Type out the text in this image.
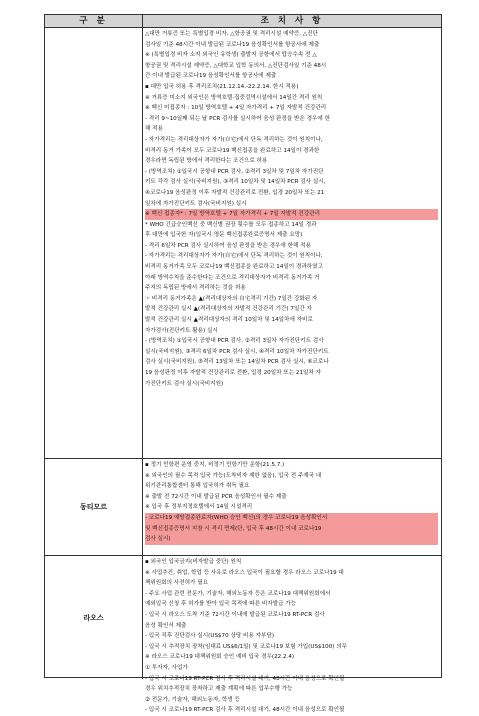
구 분	조 치 사 항
△대만 거류증 또는 특별입경 비자, △항공권 및 격리시설 예약증, △진단
검사일 기준 48시간 이내 발급된 코로나19 음성확인서를 항공사에 제출
※ (특별입경 비자 소지 외국인 유학생) 출발지 공항에서 탑승수속 전 △
항공권 및 격리시설 예약증, △대학교 입학 동의서, △진단검사일 기준 48시
간 이내 발급된 코로나19 음성확인서를 항공사에 제출
▪ 대만 입국 허용 후 격리조치(21.12.14.-22.2.14. 한시 적용)
※ 거류증 미소지 외국인은 방역호텔·집중검역시설에서 14일간 격리 원칙
※ 백신 미접종자 : 10일 방역호텔 + 4일 자가격리 + 7일 자발적 건강관리
- 격리 9~10일째 되는 날 PCR 검사를 실시하여 음성 판정을 받은 경우에 한
해 적용
- 자가격리는 격리대상자가 자가(自宅)에서 단독 격리하는 것이 원칙이나,
비격리 동거 가족이 모두 코로나19 백신접종을 완료하고 14일이 경과한
경우라면 독립된 방에서 격리한다는 조건으로 허용
- (방역조치) ①입국시 공항내 PCR 검사, ②격리 3일차 및 7일차 자가진단
키트 각각 검사 실시(국비지원), ③격리 10일차 및 14일차 PCR 검사 실시,
④코로나19 음성판정 이후 자발적 건강관리로 전환, 입경 20일차 또는 21
일차에 자가진단키트 검사(국비지원) 실시
※ 백신 접종자* : 7일 방역호텔 + 7일 자가격리 + 7일 자발적 건강관리
* WHO 긴급승인백신 중 백신별 권장 횟수를 모두 접종하고 14일 경과
후 대만에 입국한 자(입국시 영문 백신접종완료증명서 제출 요망)
- 격리 6일차 PCR 검사 실시하여 음성 판정을 받은 경우에 한해 적용
- 자가격리는 격리대상자가 자가(自宅)에서 단독 격리하는 것이 원칙이나,
비격리 동거가족 모두 코로나19 백신접종을 완료하고 14일이 경과하였고
아래 방역수칙을 준수한다는 조건으로 격리대상자가 비격리 동거가족 거
주지의 독립된 방에서 격리하는 것을 허용
☞ 비격리 동거가족은 ▲(격리대상자의 自宅격리 기간) 7일간 강화된 자
발적 건강관리 실시 ▲(격리대상자의 자발적 건강관리 기간) 7일간 자
발적 건강관리 실시 ▲격리대상자의 격리 10일차 및 14일차에 자비로
자가검사(진단키트 활용) 실시
- (방역조치) ①입국시 공항내 PCR 검사, ②격리 3일차 자가진단키트 검사
실시(국비지원), ③격리 6일차 PCR 검사 실시, ④격리 10일차 자가진단키트
검사 실시(국비지원), ⑤격리 13일차 또는 14일차 PCR 검사 실시, ⑥코로나
19 음성판정 이후 자발적 건강관리로 전환, 입경 20일차 또는 21일차 자
가진단키트 검사 실시(국비지원)
동티모르
▪ 정기 민항편 운영 중지, 비정기 민항기만 운항(21.5.7.)
※ 외국인의 필수 목적 입국 가능(도착비자 제한 없음), 입국 전 주재국 내
위기관리통합센터 통해 입국허가 취득 필요
※ 출발 전 72시간 이내 발급된 PCR 음성확인서 필수 제출
※ 입국 후 정부지정호텔에서 14일 시설격리
- 코로나19 예방접종완료자(WHO 승인 백신)의 경우 코로나19 음성확인서
및 백신접종증명서 지참 시 격리 면제(단, 입국 후 48시간 이내 코로나19
검사 실시)
라오스
▪ 외국인 입국금지(비자발급 중단) 원칙
※ 사업추진, 취업, 학업 등 사유로 라오스 입국이 필요할 경우 라오스 코로나19 대
책위원회의 사전허가 필요
- 주요 사업 관련 전문가, 기술자, 해외노동자 등은 코로나19 대책위원회에서
예외입국 신청 후 허가를 받아 입국 목적에 따른 비자발급 가능
- 입국 시 라오스 도착 기준 72시간 이내에 발급된 코로나19 RT-PCR 검사
음성 확인서 제출
- 입국 직후 진단검사 실시(US$70 상당 비용 자부담)
- 입국 시 추적장치 장착(임대료 US$6/1일) 및 코로나19 보험 가입(US$100) 의무
※ 라오스 코로나19 대책위원회 승인 예비 입국 경우(22.2.4)
① 투자자, 사업가
- 입국 시 코로나19 RT-PCR 검사 후 격리시설 대기, 48시간 이내 음성으로 확인될
경우 위치추적장치 장착하고 제출 계획에 따른 업무수행 가능
② 전문가, 기술자, 해외노동자, 학생 등
- 입국 시 코로나19 RT-PCR 검사 후 격리시설 대기, 48시간 이내 음성으로 확인될
